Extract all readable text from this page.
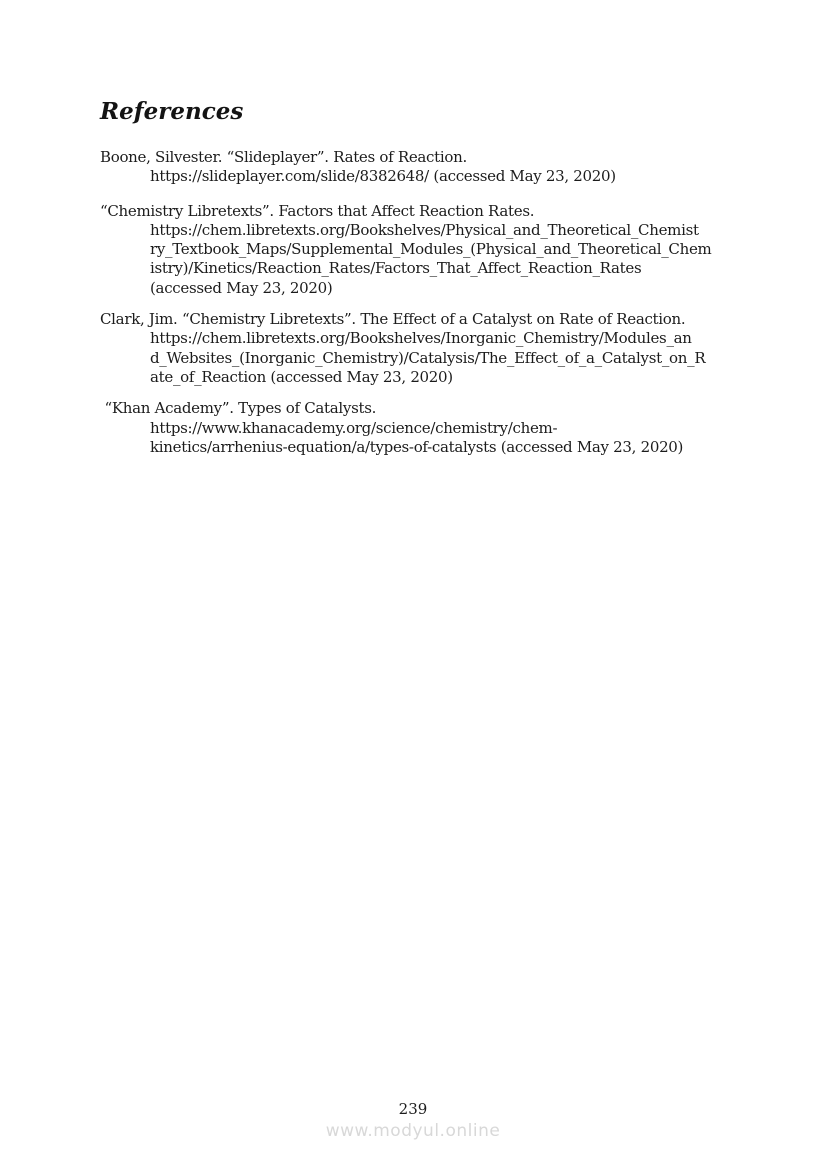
References
Boone, Silvester. “Slideplayer”. Rates of Reaction.
https://slideplayer.com/slide/8382648/ (accessed May 23, 2020)
“Chemistry Libretexts”. Factors that Affect Reaction Rates.
https://chem.libretexts.org/Bookshelves/Physical_and_Theoretical_Chemist
ry_Textbook_Maps/Supplemental_Modules_(Physical_and_Theoretical_Chem
istry)/Kinetics/Reaction_Rates/Factors_That_Affect_Reaction_Rates
(accessed May 23, 2020)
Clark, Jim. “Chemistry Libretexts”. The Effect of a Catalyst on Rate of Reaction.
https://chem.libretexts.org/Bookshelves/Inorganic_Chemistry/Modules_an
d_Websites_(Inorganic_Chemistry)/Catalysis/The_Effect_of_a_Catalyst_on_R
ate_of_Reaction (accessed May 23, 2020)
“Khan Academy”. Types of Catalysts.
https://www.khanacademy.org/science/chemistry/chem-
kinetics/arrhenius-equation/a/types-of-catalysts (accessed May 23, 2020)
239
www.modyul.online
